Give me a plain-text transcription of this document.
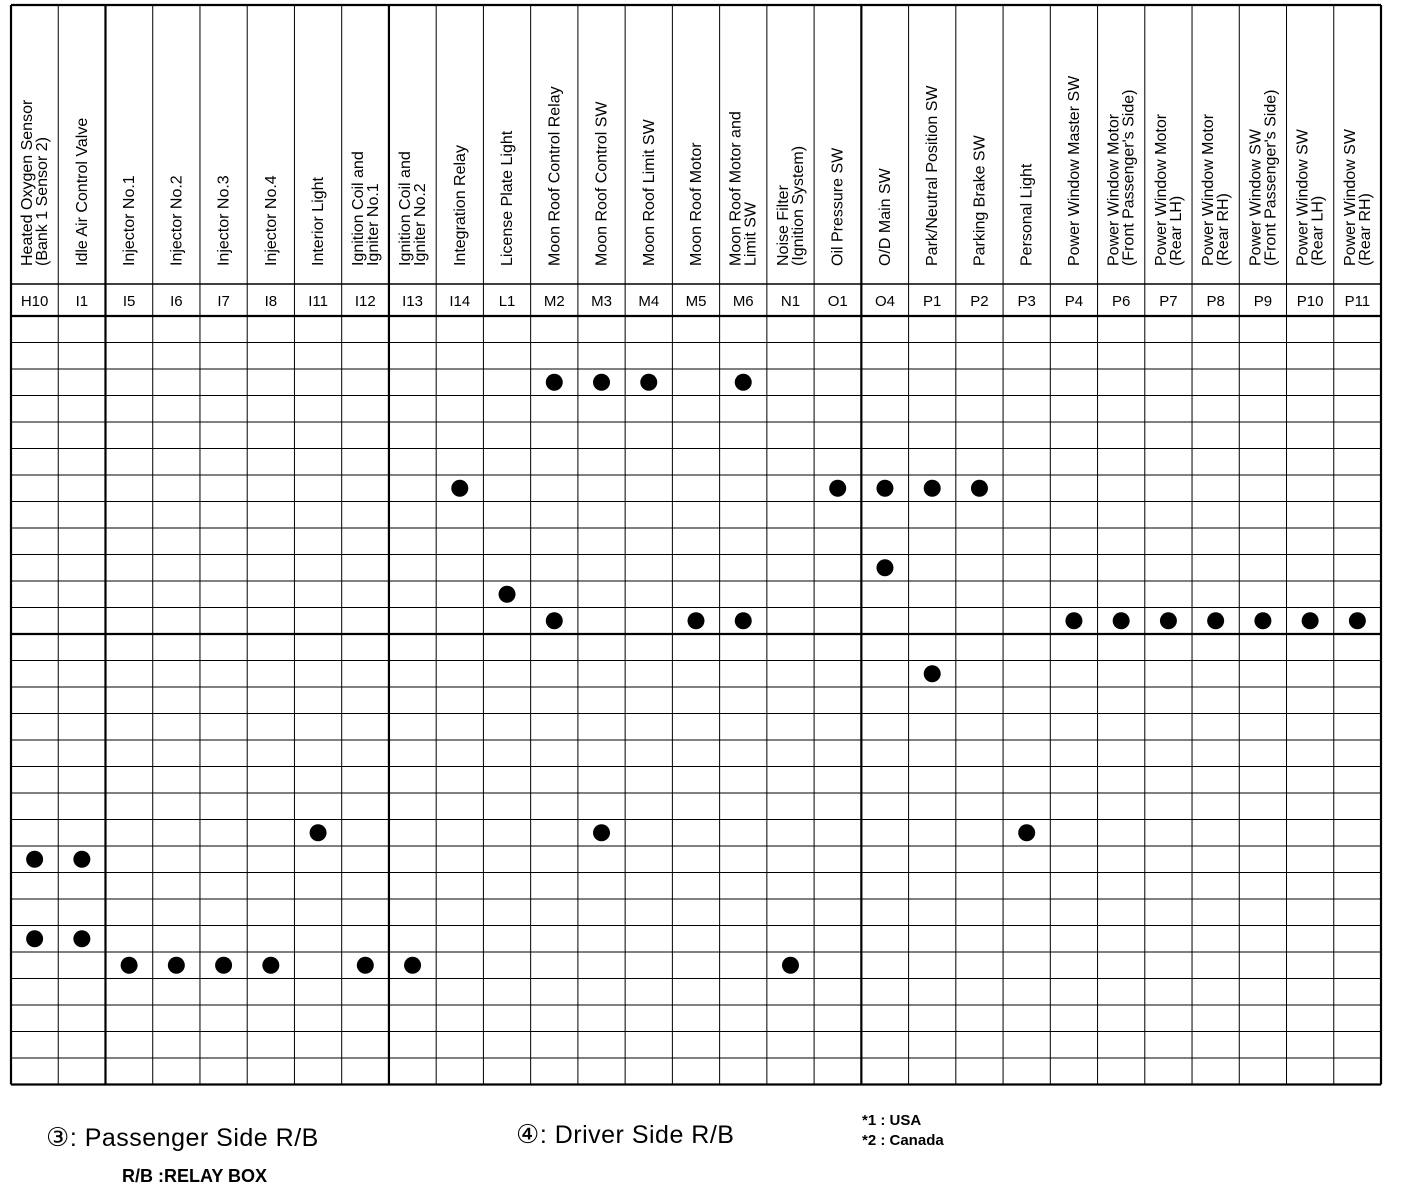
Heated Oxygen Sensor
(Bank 1 Sensor 2) Idle Air Control Valve Injector No.1 Injector No.2 Injector No.3 Injector No.4 Interior Light Ignition Coil and
Igniter No.1 Ignition Coil and
Igniter No.2 Integration Relay License Plate Light Moon Roof Control Relay Moon Roof Control SW Moon Roof Limit SW Moon Roof Motor Moon Roof Motor and
Limit SW Noise Filter
(Ignition System) Oil Pressure SW O/D Main SW Park/Neutral Position SW Parking Brake SW Personal Light Power Window Master SW Power Window Motor
(Front Passenger's Side) Power Window Motor
(Rear LH) Power Window Motor
(Rear RH) Power Window SW
(Front Passenger's Side) Power Window SW
(Rear LH) Power Window SW
(Rear RH)
H10 I1 I5 I6 I7 I8 I11 I12 I13 I14 L1 M2 M3 M4 M5 M6 N1 O1 O4 P1 P2 P3 P4 P6 P7 P8 P9 P10 P11
③: Passenger Side R/B	④: Driver Side R/B
R/B :RELAY BOX
*1 : USA
*2 : Canada
